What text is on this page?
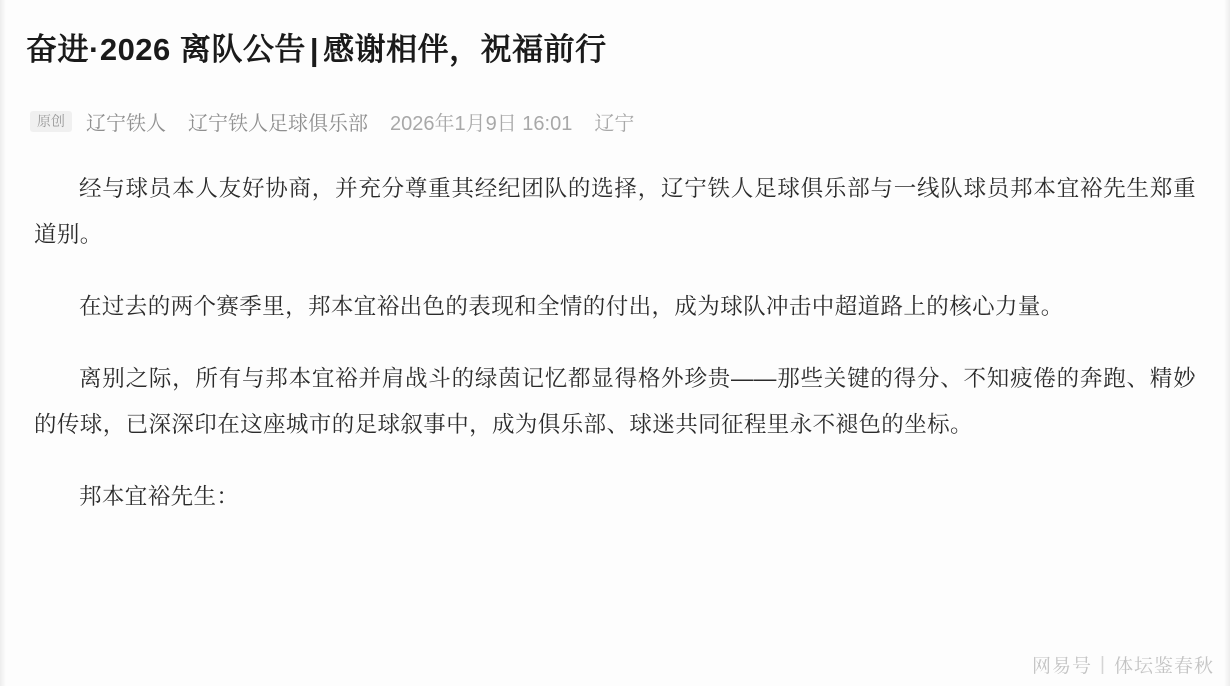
奋进·2026 离队公告 | 感谢相伴，祝福前行
原创	辽宁铁人 辽宁铁人足球俱乐部 2026年1月9日 16:01 辽宁

经与球员本人友好协商，并充分尊重其经纪团队的选择，辽宁铁人足球俱乐部与一线队球员邦本宜裕先生郑重道别。

在过去的两个赛季里，邦本宜裕出色的表现和全情的付出，成为球队冲击中超道路上的核心力量。

离别之际，所有与邦本宜裕并肩战斗的绿茵记忆都显得格外珍贵——那些关键的得分、不知疲倦的奔跑、精妙的传球，已深深印在这座城市的足球叙事中，成为俱乐部、球迷共同征程里永不褪色的坐标。

邦本宜裕先生：

网易号 | 体坛鉴春秋
